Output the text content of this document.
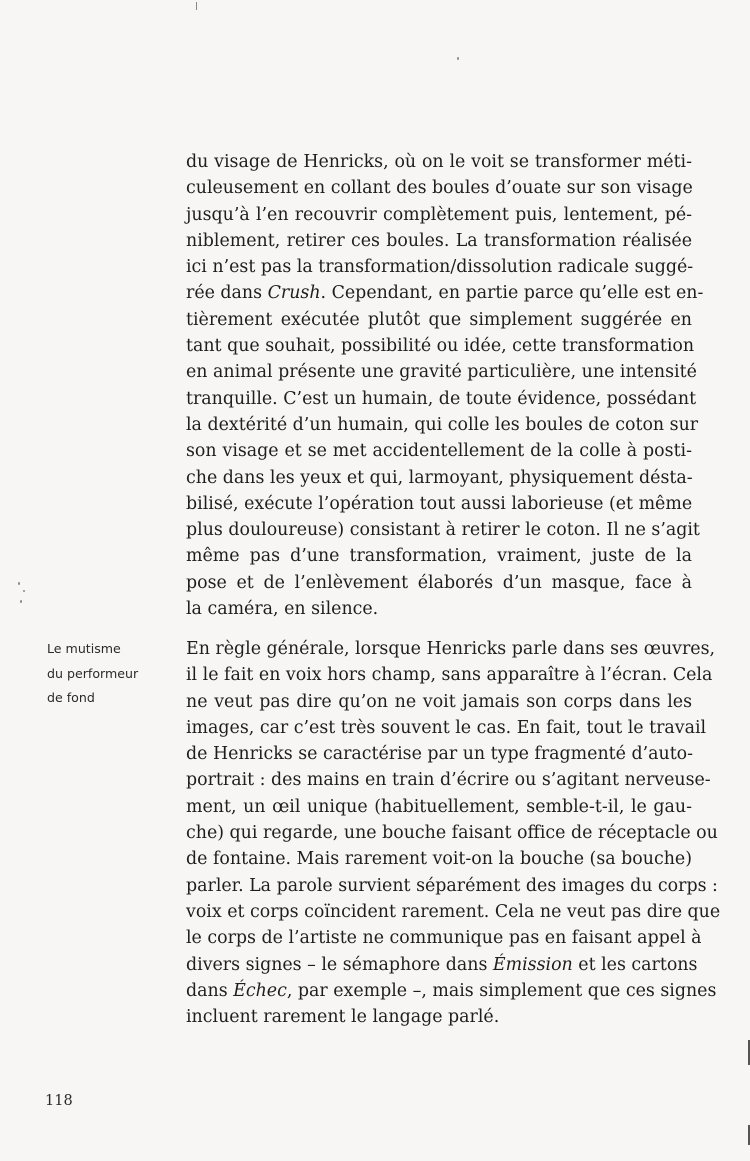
du visage de Henricks, où on le voit se transformer méti-
culeusement en collant des boules d’ouate sur son visage
jusqu’à l’en recouvrir complètement puis, lentement, pé-
niblement, retirer ces boules. La transformation réalisée
ici n’est pas la transformation/dissolution radicale suggé-
rée dans Crush. Cependant, en partie parce qu’elle est en-
tièrement exécutée plutôt que simplement suggérée en
tant que souhait, possibilité ou idée, cette transformation
en animal présente une gravité particulière, une intensité
tranquille. C’est un humain, de toute évidence, possédant
la dextérité d’un humain, qui colle les boules de coton sur
son visage et se met accidentellement de la colle à posti-
che dans les yeux et qui, larmoyant, physiquement désta-
bilisé, exécute l’opération tout aussi laborieuse (et même
plus douloureuse) consistant à retirer le coton. Il ne s’agit
même pas d’une transformation, vraiment, juste de la
pose et de l’enlèvement élaborés d’un masque, face à
la caméra, en silence.

Le mutisme
du performeur
de fond

En règle générale, lorsque Henricks parle dans ses œuvres,
il le fait en voix hors champ, sans apparaître à l’écran. Cela
ne veut pas dire qu’on ne voit jamais son corps dans les
images, car c’est très souvent le cas. En fait, tout le travail
de Henricks se caractérise par un type fragmenté d’auto-
portrait : des mains en train d’écrire ou s’agitant nerveuse-
ment, un œil unique (habituellement, semble-t-il, le gau-
che) qui regarde, une bouche faisant office de réceptacle ou
de fontaine. Mais rarement voit-on la bouche (sa bouche)
parler. La parole survient séparément des images du corps :
voix et corps coïncident rarement. Cela ne veut pas dire que
le corps de l’artiste ne communique pas en faisant appel à
divers signes – le sémaphore dans Émission et les cartons
dans Échec, par exemple –, mais simplement que ces signes
incluent rarement le langage parlé.

118
